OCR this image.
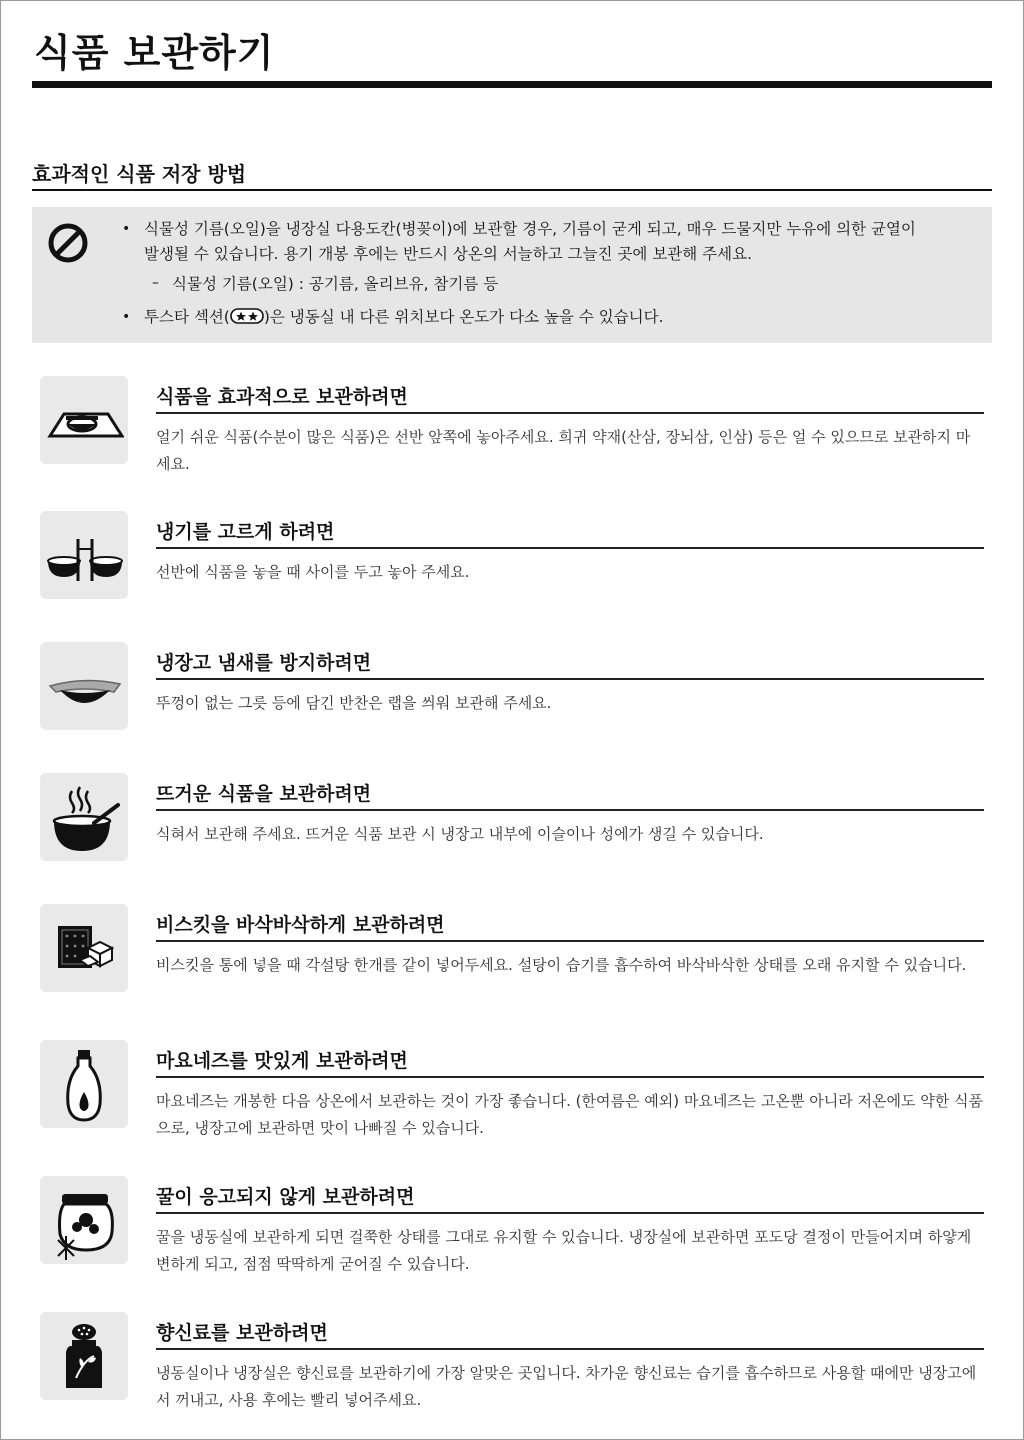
식품 보관하기
효과적인 식품 저장 방법
• 식물성 기름(오일)을 냉장실 다용도칸(병꽂이)에 보관할 경우, 기름이 굳게 되고, 매우 드물지만 누유에 의한 균열이
발생될 수 있습니다. 용기 개봉 후에는 반드시 상온의 서늘하고 그늘진 곳에 보관해 주세요.
– 식물성 기름(오일) : 공기름, 올리브유, 참기름 등
• 투스타 섹션( )은 냉동실 내 다른 위치보다 온도가 다소 높을 수 있습니다.
식품을 효과적으로 보관하려면
얼기 쉬운 식품(수분이 많은 식품)은 선반 앞쪽에 놓아주세요. 희귀 약재(산삼, 장뇌삼, 인삼) 등은 얼 수 있으므로 보관하지 마세요.
냉기를 고르게 하려면
선반에 식품을 놓을 때 사이를 두고 놓아 주세요.
냉장고 냄새를 방지하려면
뚜껑이 없는 그릇 등에 담긴 반찬은 랩을 씌워 보관해 주세요.
뜨거운 식품을 보관하려면
식혀서 보관해 주세요. 뜨거운 식품 보관 시 냉장고 내부에 이슬이나 성에가 생길 수 있습니다.
비스킷을 바삭바삭하게 보관하려면
비스킷을 통에 넣을 때 각설탕 한개를 같이 넣어두세요. 설탕이 습기를 흡수하여 바삭바삭한 상태를 오래 유지할 수 있습니다.
마요네즈를 맛있게 보관하려면
마요네즈는 개봉한 다음 상온에서 보관하는 것이 가장 좋습니다. (한여름은 예외) 마요네즈는 고온뿐 아니라 저온에도 약한 식품으로, 냉장고에 보관하면 맛이 나빠질 수 있습니다.
꿀이 응고되지 않게 보관하려면
꿀을 냉동실에 보관하게 되면 걸쭉한 상태를 그대로 유지할 수 있습니다. 냉장실에 보관하면 포도당 결정이 만들어지며 하얗게 변하게 되고, 점점 딱딱하게 굳어질 수 있습니다.
향신료를 보관하려면
냉동실이나 냉장실은 향신료를 보관하기에 가장 알맞은 곳입니다. 차가운 향신료는 습기를 흡수하므로 사용할 때에만 냉장고에서 꺼내고, 사용 후에는 빨리 넣어주세요.
